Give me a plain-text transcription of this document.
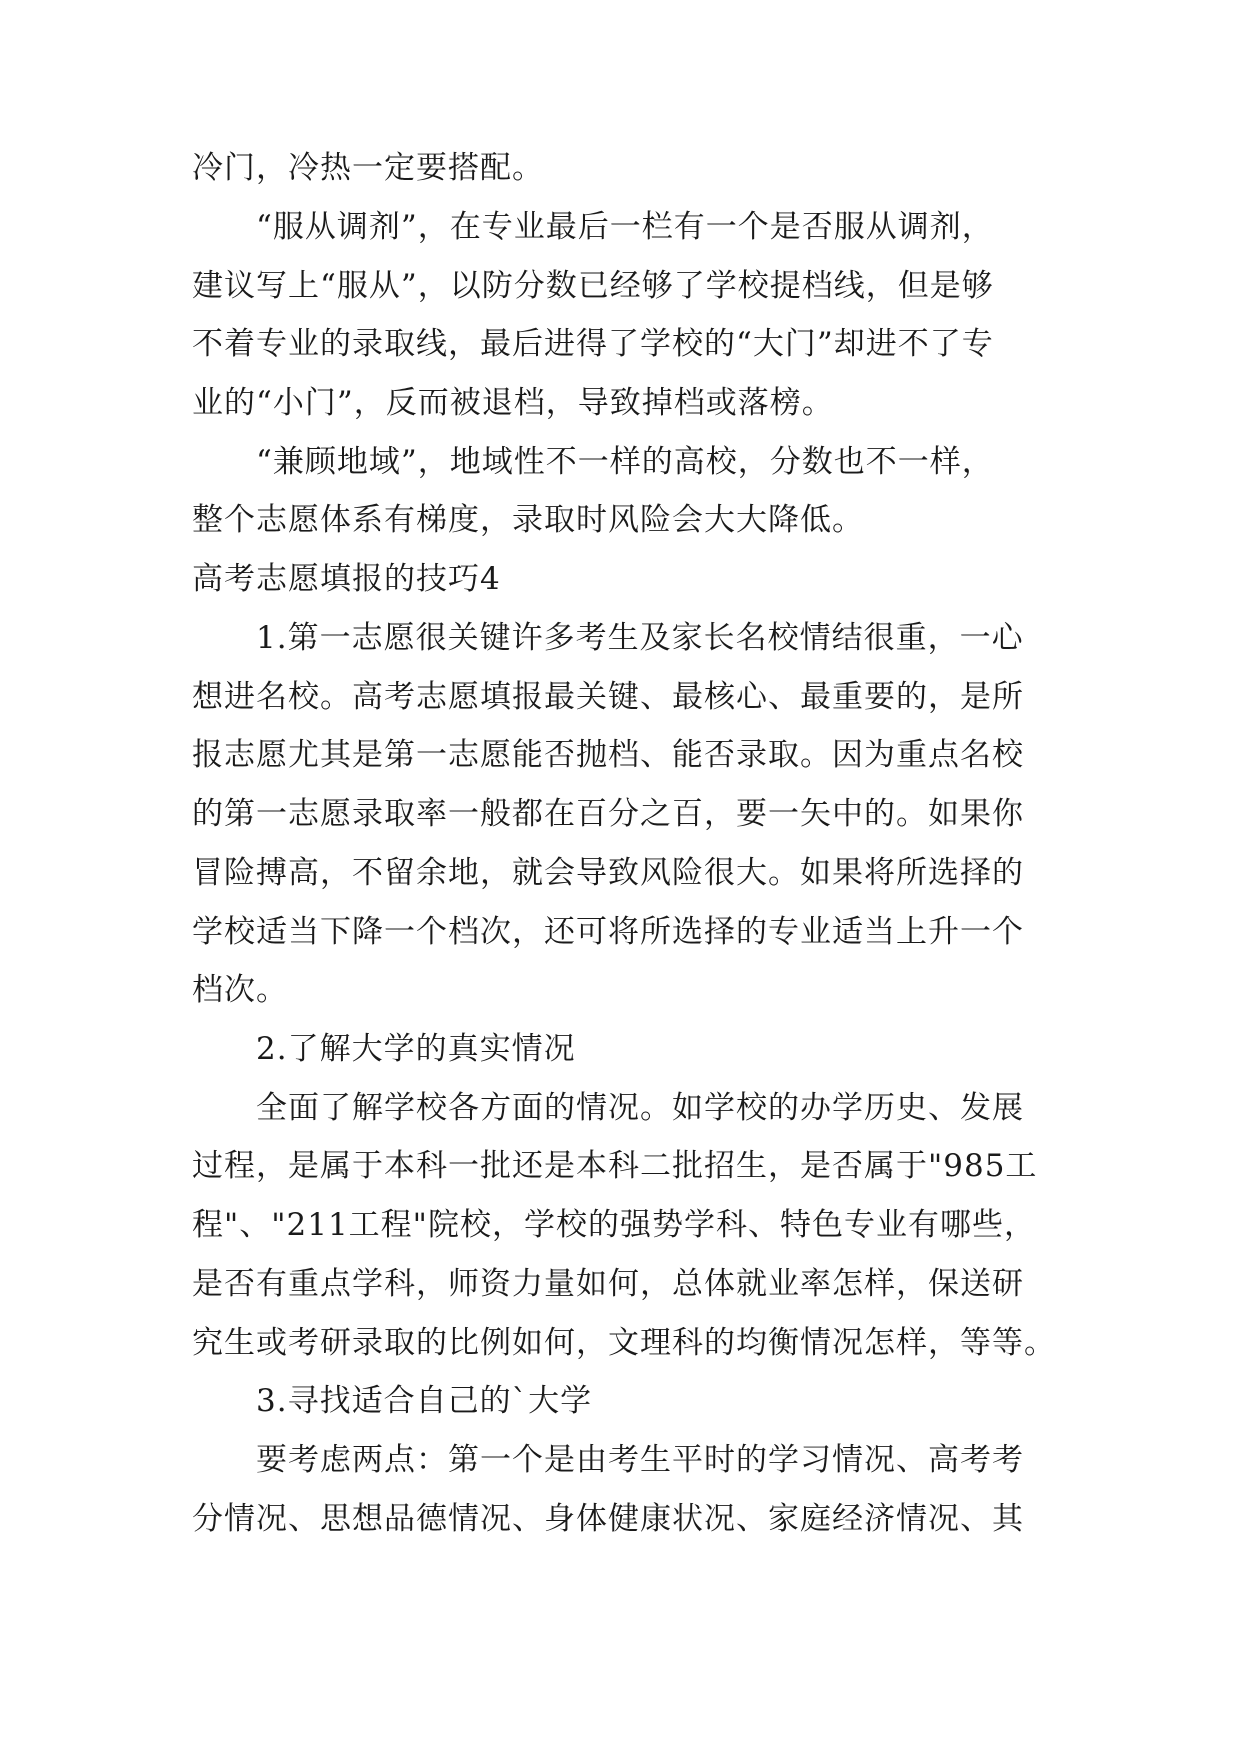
冷门，冷热一定要搭配。
“服从调剂”，在专业最后一栏有一个是否服从调剂，
建议写上“服从”，以防分数已经够了学校提档线，但是够
不着专业的录取线，最后进得了学校的“大门”却进不了专
业的“小门”，反而被退档，导致掉档或落榜。
“兼顾地域”，地域性不一样的高校，分数也不一样，
整个志愿体系有梯度，录取时风险会大大降低。
高考志愿填报的技巧4
1.第一志愿很关键许多考生及家长名校情结很重，一心
想进名校。高考志愿填报最关键、最核心、最重要的，是所
报志愿尤其是第一志愿能否抛档、能否录取。因为重点名校
的第一志愿录取率一般都在百分之百，要一矢中的。如果你
冒险搏高，不留余地，就会导致风险很大。如果将所选择的
学校适当下降一个档次，还可将所选择的专业适当上升一个
档次。
2.了解大学的真实情况
全面了解学校各方面的情况。如学校的办学历史、发展
过程，是属于本科一批还是本科二批招生，是否属于"985工
程"、"211工程"院校，学校的强势学科、特色专业有哪些，
是否有重点学科，师资力量如何，总体就业率怎样，保送研
究生或考研录取的比例如何，文理科的均衡情况怎样，等等。
3.寻找适合自己的`大学
要考虑两点：第一个是由考生平时的学习情况、高考考
分情况、思想品德情况、身体健康状况、家庭经济情况、其
